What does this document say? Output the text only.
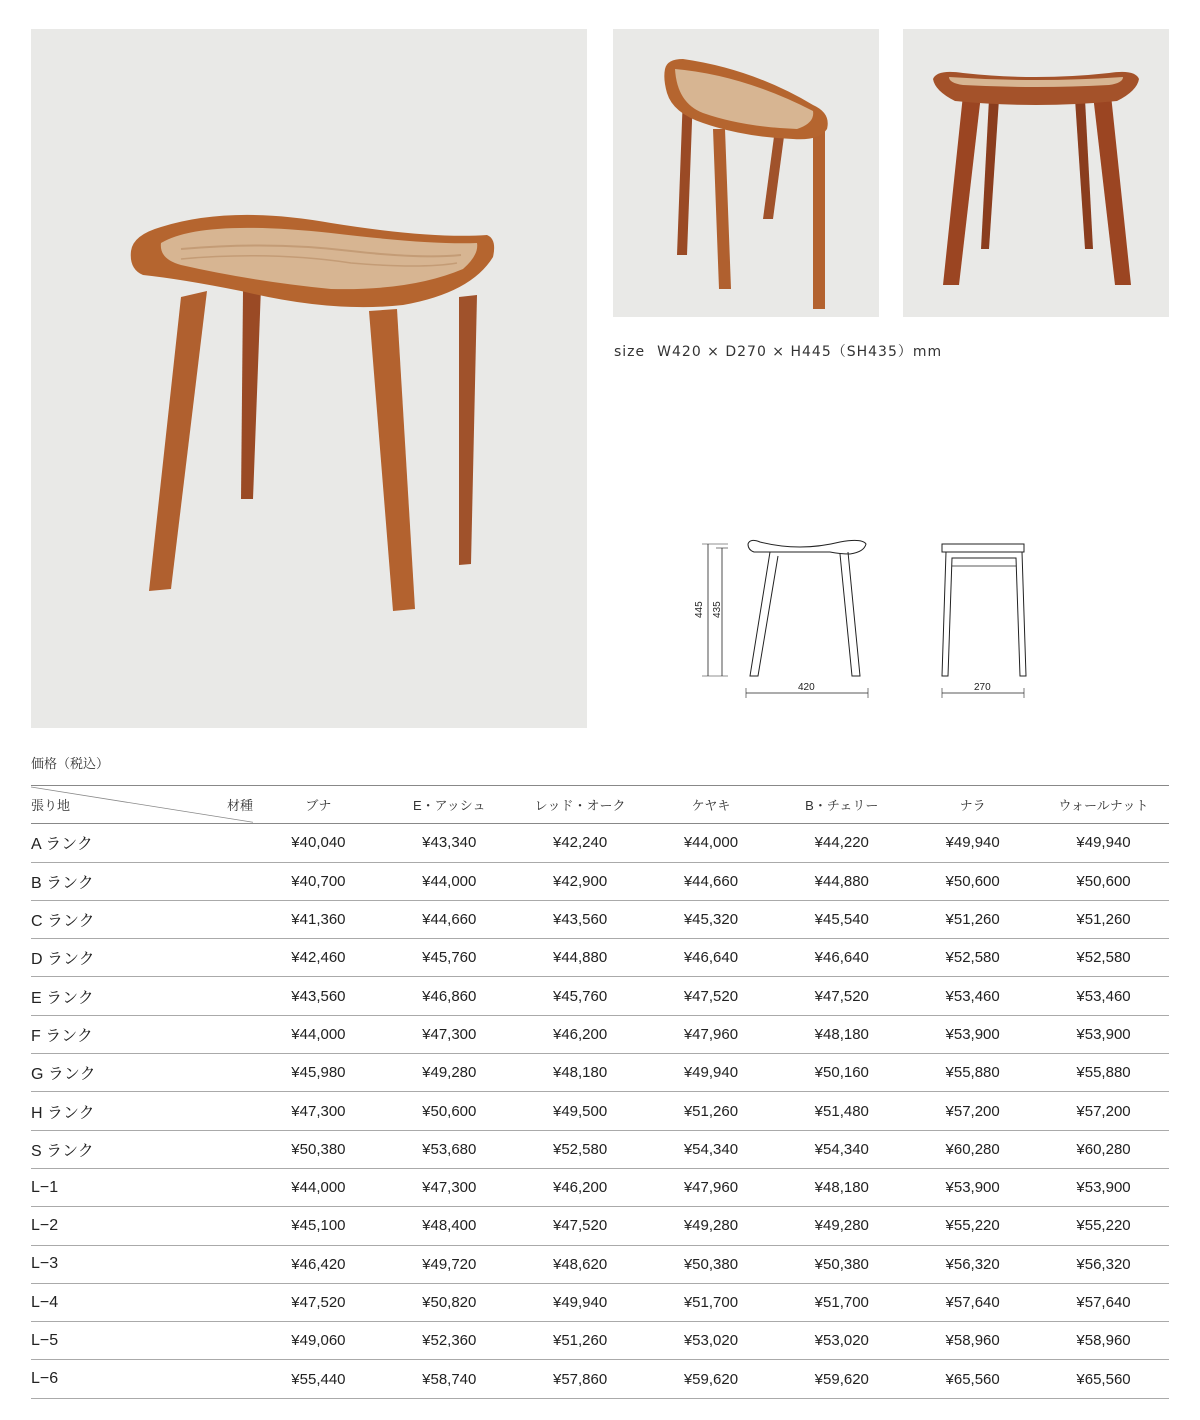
size W420 × D270 × H445（SH435）mm
445 435
420	270
価格（税込）
張り地 材種	ブナ	E・アッシュ	レッド・オーク	ケヤキ	B・チェリー	ナラ	ウォールナット
A ランク	¥40,040	¥43,340	¥42,240	¥44,000	¥44,220	¥49,940	¥49,940
B ランク	¥40,700	¥44,000	¥42,900	¥44,660	¥44,880	¥50,600	¥50,600
C ランク	¥41,360	¥44,660	¥43,560	¥45,320	¥45,540	¥51,260	¥51,260
D ランク	¥42,460	¥45,760	¥44,880	¥46,640	¥46,640	¥52,580	¥52,580
E ランク	¥43,560	¥46,860	¥45,760	¥47,520	¥47,520	¥53,460	¥53,460
F ランク	¥44,000	¥47,300	¥46,200	¥47,960	¥48,180	¥53,900	¥53,900
G ランク	¥45,980	¥49,280	¥48,180	¥49,940	¥50,160	¥55,880	¥55,880
H ランク	¥47,300	¥50,600	¥49,500	¥51,260	¥51,480	¥57,200	¥57,200
S ランク	¥50,380	¥53,680	¥52,580	¥54,340	¥54,340	¥60,280	¥60,280
L−1	¥44,000	¥47,300	¥46,200	¥47,960	¥48,180	¥53,900	¥53,900
L−2	¥45,100	¥48,400	¥47,520	¥49,280	¥49,280	¥55,220	¥55,220
L−3	¥46,420	¥49,720	¥48,620	¥50,380	¥50,380	¥56,320	¥56,320
L−4	¥47,520	¥50,820	¥49,940	¥51,700	¥51,700	¥57,640	¥57,640
L−5	¥49,060	¥52,360	¥51,260	¥53,020	¥53,020	¥58,960	¥58,960
L−6	¥55,440	¥58,740	¥57,860	¥59,620	¥59,620	¥65,560	¥65,560
